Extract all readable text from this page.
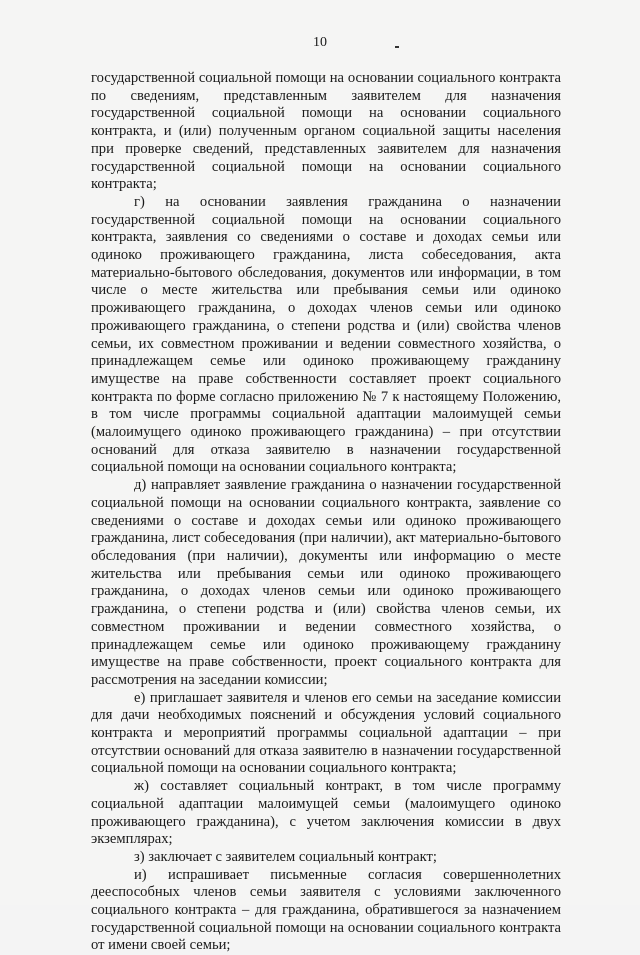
10

государственной социальной помощи на основании социального контракта по сведениям, представленным заявителем для назначения государственной социальной помощи на основании социального контракта, и (или) полученным органом социальной защиты населения при проверке сведений, представленных заявителем для назначения государственной социальной помощи на основании социального контракта;

г) на основании заявления гражданина о назначении государственной социальной помощи на основании социального контракта, заявления со сведениями о составе и доходах семьи или одиноко проживающего гражданина, листа собеседования, акта материально-бытового обследования, документов или информации, в том числе о месте жительства или пребывания семьи или одиноко проживающего гражданина, о доходах членов семьи или одиноко проживающего гражданина, о степени родства и (или) свойства членов семьи, их совместном проживании и ведении совместного хозяйства, о принадлежащем семье или одиноко проживающему гражданину имуществе на праве собственности составляет проект социального контракта по форме согласно приложению № 7 к настоящему Положению, в том числе программы социальной адаптации малоимущей семьи (малоимущего одиноко проживающего гражданина) – при отсутствии оснований для отказа заявителю в назначении государственной социальной помощи на основании социального контракта;

д) направляет заявление гражданина о назначении государственной социальной помощи на основании социального контракта, заявление со сведениями о составе и доходах семьи или одиноко проживающего гражданина, лист собеседования (при наличии), акт материально-бытового обследования (при наличии), документы или информацию о месте жительства или пребывания семьи или одиноко проживающего гражданина, о доходах членов семьи или одиноко проживающего гражданина, о степени родства и (или) свойства членов семьи, их совместном проживании и ведении совместного хозяйства, о принадлежащем семье или одиноко проживающему гражданину имуществе на праве собственности, проект социального контракта для рассмотрения на заседании комиссии;

е) приглашает заявителя и членов его семьи на заседание комиссии для дачи необходимых пояснений и обсуждения условий социального контракта и мероприятий программы социальной адаптации – при отсутствии оснований для отказа заявителю в назначении государственной социальной помощи на основании социального контракта;

ж) составляет социальный контракт, в том числе программу социальной адаптации малоимущей семьи (малоимущего одиноко проживающего гражданина), с учетом заключения комиссии в двух экземплярах;

з) заключает с заявителем социальный контракт;

и) испрашивает письменные согласия совершеннолетних дееспособных членов семьи заявителя с условиями заключенного социального контракта – для гражданина, обратившегося за назначением государственной социальной помощи на основании социального контракта от имени своей семьи;
